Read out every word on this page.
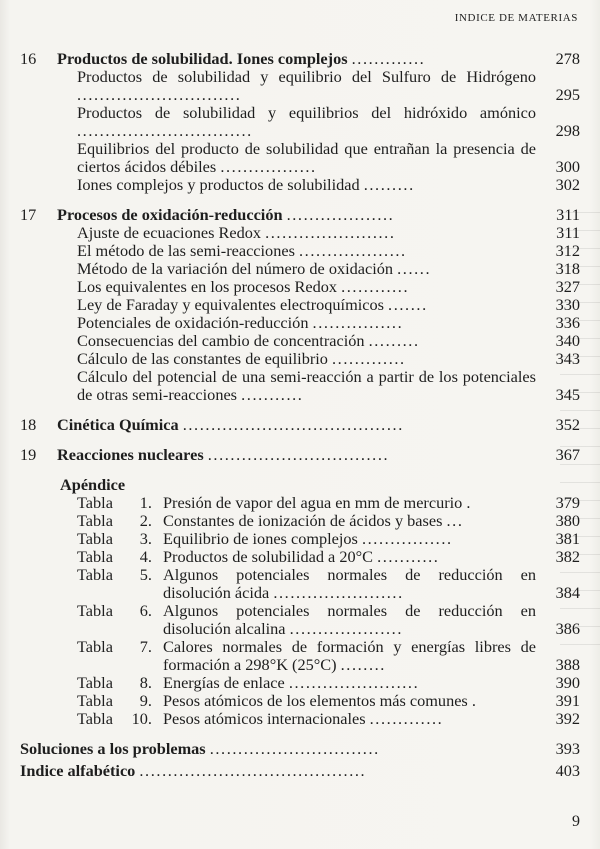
INDICE DE MATERIAS
16 Productos de solubilidad. Iones complejos .............	278
Productos de solubilidad y equilibrio del Sulfuro de Hidrógeno .............................	295
Productos de solubilidad y equilibrios del hidróxido amónico ...............................	298
Equilibrios del producto de solubilidad que entrañan la presencia de ciertos ácidos débiles .................	300
Iones complejos y productos de solubilidad .........	302
17 Procesos de oxidación-reducción ...................	311
Ajuste de ecuaciones Redox .......................	311
El método de las semi-reacciones ...................	312
Método de la variación del número de oxidación ......	318
Los equivalentes en los procesos Redox ............	327
Ley de Faraday y equivalentes electroquímicos .......	330
Potenciales de oxidación-reducción ................	336
Consecuencias del cambio de concentración .........	340
Cálculo de las constantes de equilibrio .............	343
Cálculo del potencial de una semi-reacción a partir de los potenciales de otras semi-reacciones ...........	345
18 Cinética Química .......................................	352
19 Reacciones nucleares ................................	367
Apéndice
Tabla	1. Presión de vapor del agua en mm de mercurio .	379
Tabla	2. Constantes de ionización de ácidos y bases ...	380
Tabla	3. Equilibrio de iones complejos ................	381
Tabla	4. Productos de solubilidad a 20°C ...........	382
Tabla	5. Algunos potenciales normales de reducción en disolución ácida .......................	384
Tabla	6. Algunos potenciales normales de reducción en disolución alcalina ....................	386
Tabla	7. Calores normales de formación y energías libres de formación a 298°K (25°C) ........	388
Tabla	8. Energías de enlace .......................	390
Tabla	9. Pesos atómicos de los elementos más comunes .	391
Tabla 10. Pesos atómicos internacionales .............	392
Soluciones a los problemas ..............................	393
Indice alfabético ........................................	403
9
